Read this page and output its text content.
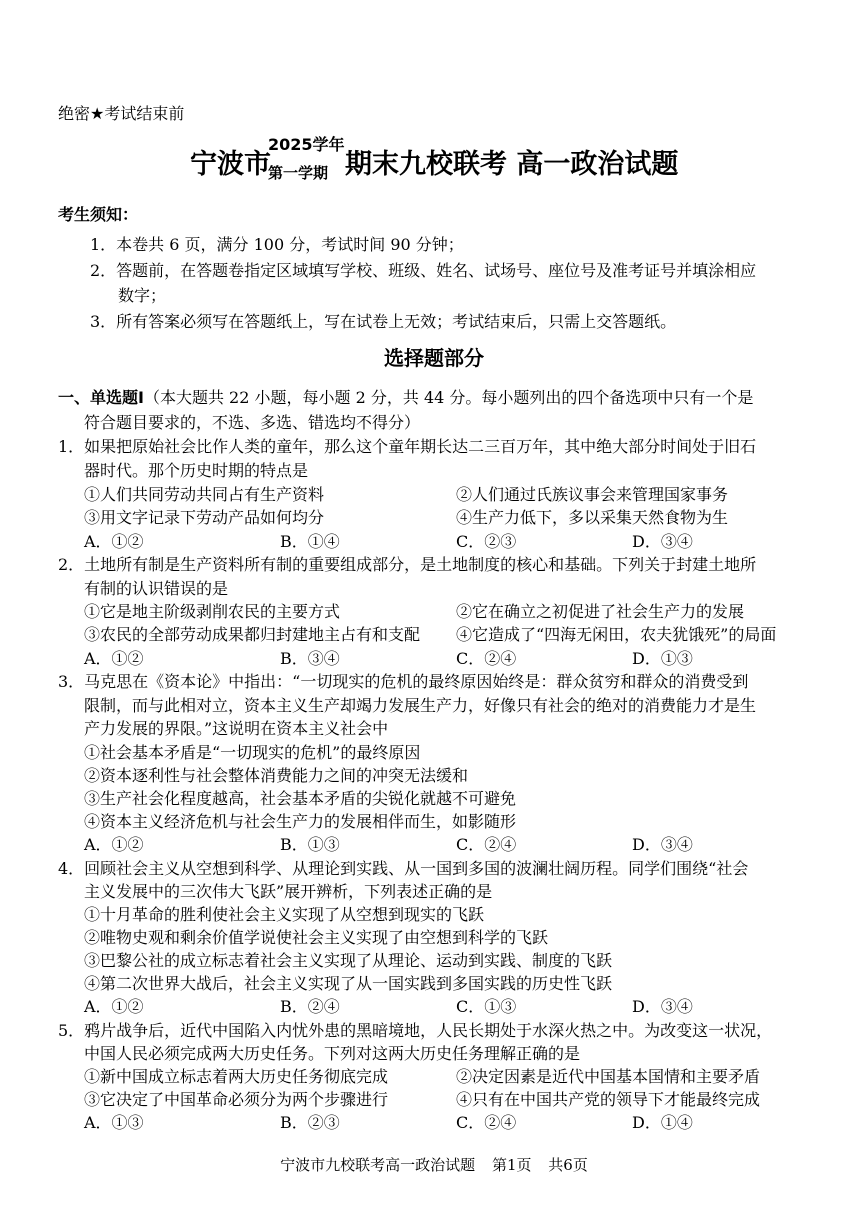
绝密★考试结束前
宁波市
2025学年
第一学期 期末九校联考 高一政治试题
考生须知：
1．本卷共 6 页，满分 100 分，考试时间 90 分钟；
2．答题前，在答题卷指定区域填写学校、班级、姓名、试场号、座位号及准考证号并填涂相应
数字；
3．所有答案必须写在答题纸上，写在试卷上无效；考试结束后，只需上交答题纸。
选择题部分
一、单选题Ⅰ（本大题共 22 小题，每小题 2 分，共 44 分。每小题列出的四个备选项中只有一个是
符合题目要求的，不选、多选、错选均不得分）
1．如果把原始社会比作人类的童年，那么这个童年期长达二三百万年，其中绝大部分时间处于旧石
器时代。那个历史时期的特点是
①人们共同劳动共同占有生产资料	②人们通过氏族议事会来管理国家事务
③用文字记录下劳动产品如何均分	④生产力低下，多以采集天然食物为生
A．①②	B．①④	C．②③	D．③④
2．土地所有制是生产资料所有制的重要组成部分，是土地制度的核心和基础。下列关于封建土地所
有制的认识错误的是
①它是地主阶级剥削农民的主要方式	②它在确立之初促进了社会生产力的发展
③农民的全部劳动成果都归封建地主占有和支配 ④它造成了“四海无闲田，农夫犹饿死”的局面
A．①②	B．③④	C．②④	D．①③
3．马克思在《资本论》中指出：“一切现实的危机的最终原因始终是：群众贫穷和群众的消费受到
限制，而与此相对立，资本主义生产却竭力发展生产力，好像只有社会的绝对的消费能力才是生
产力发展的界限。”这说明在资本主义社会中
①社会基本矛盾是“一切现实的危机”的最终原因
②资本逐利性与社会整体消费能力之间的冲突无法缓和
③生产社会化程度越高，社会基本矛盾的尖锐化就越不可避免
④资本主义经济危机与社会生产力的发展相伴而生，如影随形
A．①②	B．①③	C．②④	D．③④
4．回顾社会主义从空想到科学、从理论到实践、从一国到多国的波澜壮阔历程。同学们围绕“社会
主义发展中的三次伟大飞跃”展开辨析，下列表述正确的是
①十月革命的胜利使社会主义实现了从空想到现实的飞跃
②唯物史观和剩余价值学说使社会主义实现了由空想到科学的飞跃
③巴黎公社的成立标志着社会主义实现了从理论、运动到实践、制度的飞跃
④第二次世界大战后，社会主义实现了从一国实践到多国实践的历史性飞跃
A．①②	B．②④	C．①③	D．③④
5．鸦片战争后，近代中国陷入内忧外患的黑暗境地，人民长期处于水深火热之中。为改变这一状况，
中国人民必须完成两大历史任务。下列对这两大历史任务理解正确的是
①新中国成立标志着两大历史任务彻底完成	②决定因素是近代中国基本国情和主要矛盾
③它决定了中国革命必须分为两个步骤进行	④只有在中国共产党的领导下才能最终完成
A．①③	B．②③	C．②④	D．①④
宁波市九校联考高一政治试题 第1页 共6页
